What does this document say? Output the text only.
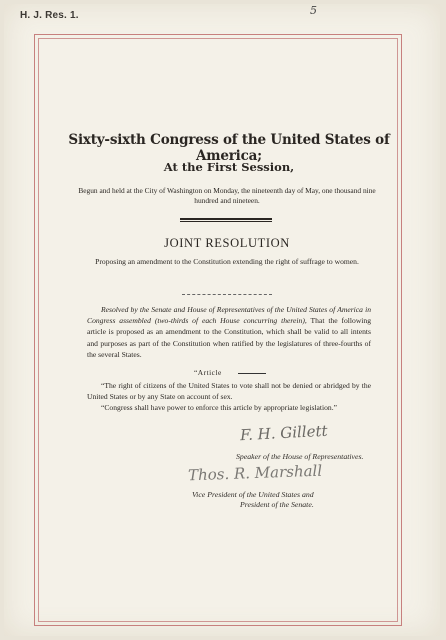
H. J. Res. 1.	5
Sixty-sixth Congress of the United States of America;
At the First Session,
Begun and held at the City of Washington on Monday, the nineteenth day of May, one thousand nine hundred and nineteen.
JOINT RESOLUTION
Proposing an amendment to the Constitution extending the right of suffrage to women.
Resolved by the Senate and House of Representatives of the United States of America in Congress assembled (two-thirds of each House concurring therein), That the following article is proposed as an amendment to the Constitution, which shall be valid to all intents and purposes as part of the Constitution when ratified by the legislatures of three-fourths of the several States.
“Article
“The right of citizens of the United States to vote shall not be denied or abridged by the United States or by any State on account of sex.
“Congress shall have power to enforce this article by appropriate legislation.”
F. H. Gillett
Speaker of the House of Representatives.
Thos. R. Marshall
Vice President of the United States and
President of the Senate.
